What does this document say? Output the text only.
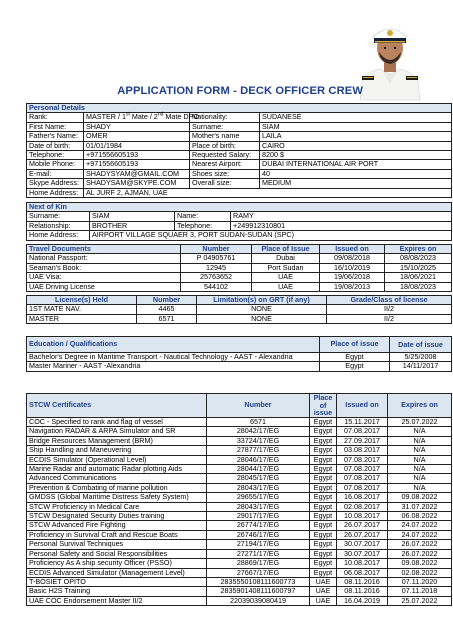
APPLICATION FORM - DECK OFFICER CREW
Personal Details			
Rank:	MASTER / 1st Mate / 2nd Mate DPO	Nationality:	SUDANESE
First Name:	SHADY	Surname:	SIAM
Father's Name:	OMER	Mother's name	LAILA
Date of birth:	01/01/1984	Place of birth:	CAIRO
Telephone:	+971556605193	Requested Salary:	8200 $
Mobile Phone:	+971556605193	Nearest Airport:	DUBAI INTERNATIONAL AIR PORT
E-mail:	SHADYSYAM@GMAIL.COM	Shoes size:	40
Skype Address:	SHADYSAM@SKYPE.COM	Overall size:	MEDIUM
Home Address:	AL JURF 2, AJMAN, UAE		
Next of Kin			
Surname:	SIAM	Name:	RAMY
Relationship:	BROTHER	Telephone:	+249912310801
Home Address:	AIRPORT VILLAGE SQUAER 3, PORT SUDAN-SUDAN (SPC)		
Travel Documents	Number	Place of Issue	Issued on	Expires on
National Passport:	P 04905761	Dubai	09/08/2018	08/08/2023
Seaman's Book:	12945	Port Sudan	16/10/2019	15/10/2025
UAE Visa:	25763652	UAE	19/06/2018	18/06/2021
UAE Driving License	544102	UAE	19/08/2013	18/08/2023
License(s) Held	Number	Limitation(s) on GRT (if any)	Grade/Class of license
1ST MATE NAV.	4465	NONE	II/2
MASTER	6571	NONE	II/2
Education / Qualifications	Place of issue	Date of issue
Bachelor's Degree in Maritime Transport - Nautical Technology - AAST - Alexandria	Egypt	5/25/2008
Master Mariner - AAST -Alexandria	Egypt	14/11/2017
STCW Certificates	Number	Place of issue	Issued on	Expires on
COC - Specified to rank and flag of vessel	6571	Egypt	15.11.2017	25.07.2022
Navigation RADAR & ARPA Simulator and SR	28042/17/EG	Egypt	07.08.2017	N/A
Bridge Resources Management (BRM)	33724/17/EG	Egypt	27.09.2017	N/A
Ship Handling and Maneuvering	27877/17/EG	Egypt	03.08.2017	N/A
ECDIS Simulator (Operational Level)	28046/17/EG	Egypt	07.08.2017	N/A
Marine Radar and automatic Radar plotting Aids	28044/17/EG	Egypt	07.08.2017	N/A
Advanced Communications	28045/17/EG	Egypt	07.08.2017	N/A
Prevention & Combating of marine pollution	28043/17/EG	Egypt	07.08.2017	N/A
GMDSS (Global Maritime Distress Safety System)	29655/17/EG	Egypt	16.08.2017	09.08.2022
STCW Proficiency in Medical Care	28043/17/EG	Egypt	02.08.2017	31.07.2022
STCW Designated Security Duties training	29017/17/EG	Egypt	10.08.2017	06.08.2022
STCW Advanced Fire Fighting	26774/17/EG	Egypt	26.07.2017	24.07.2022
Proficiency in Survival Craft and Rescue Boats	26746/17/EG	Egypt	26.07.2017	24.07.2022
Personal Survival Techniques	27194/17/EG	Egypt	30.07.2017	26.07.2022
Personal Safety and Social Responsibilities	27271/17/EG	Egypt	30.07.2017	26.07.2022
Proficiency As A ship security Officer (PSSO)	28869/17/EG	Egypt	10.08.2017	09.08.2022
ECDIS Advanced Simulator (Management Level)	27667/17/EG	Egypt	06.08.2017	02.08.2022
T-BOSIET OPITO	2835550108111600773	UAE	08.11.2016	07.11.2020
Basic H2S Training	2835901408111600797	UAE	08.11.2016	07.11.2018
UAE COC Endorsement Master II/2	22039039080419	UAE	16.04.2019	25.07.2022
